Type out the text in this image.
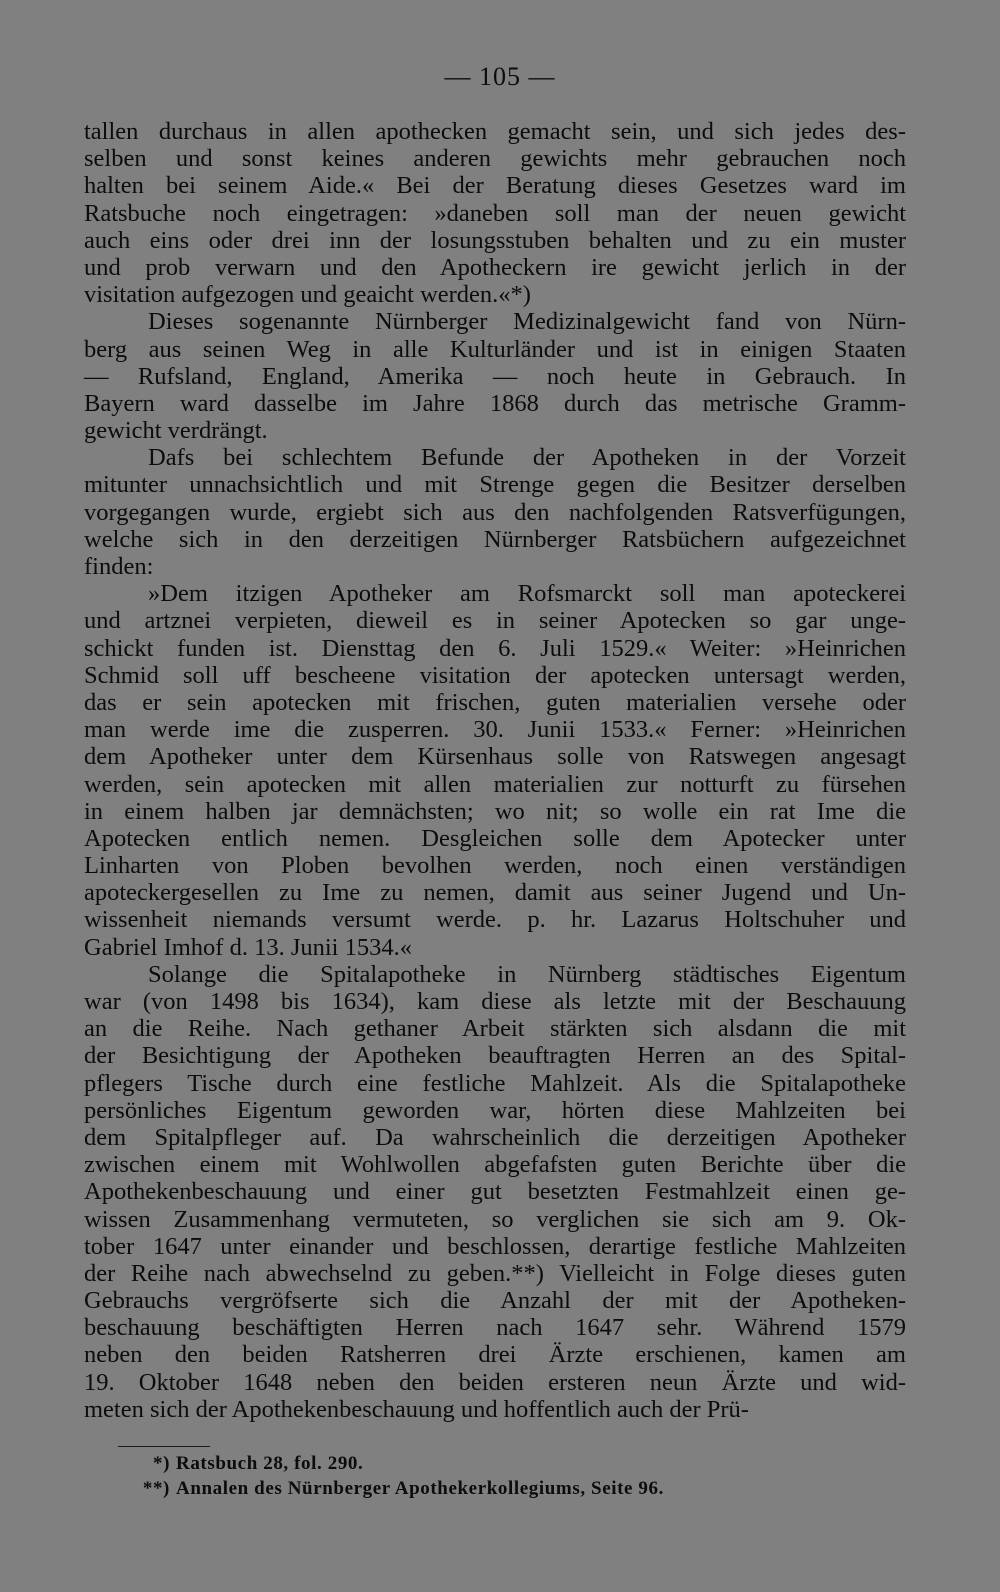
— 105 —
tallen durchaus in allen apothecken gemacht sein, und sich jedes des-
selben und sonst keines anderen gewichts mehr gebrauchen noch
halten bei seinem Aide.« Bei der Beratung dieses Gesetzes ward im
Ratsbuche noch eingetragen: »daneben soll man der neuen gewicht
auch eins oder drei inn der losungsstuben behalten und zu ein muster
und prob verwarn und den Apotheckern ire gewicht jerlich in der
visitation aufgezogen und geaicht werden.«*)
Dieses sogenannte Nürnberger Medizinalgewicht fand von Nürn-
berg aus seinen Weg in alle Kulturländer und ist in einigen Staaten
— Rufsland, England, Amerika — noch heute in Gebrauch. In
Bayern ward dasselbe im Jahre 1868 durch das metrische Gramm-
gewicht verdrängt.
Dafs bei schlechtem Befunde der Apotheken in der Vorzeit
mitunter unnachsichtlich und mit Strenge gegen die Besitzer derselben
vorgegangen wurde, ergiebt sich aus den nachfolgenden Ratsverfügungen,
welche sich in den derzeitigen Nürnberger Ratsbüchern aufgezeichnet
finden:
»Dem itzigen Apotheker am Rofsmarckt soll man apoteckerei
und artznei verpieten, dieweil es in seiner Apotecken so gar unge-
schickt funden ist. Diensttag den 6. Juli 1529.« Weiter: »Heinrichen
Schmid soll uff bescheene visitation der apotecken untersagt werden,
das er sein apotecken mit frischen, guten materialien versehe oder
man werde ime die zusperren. 30. Junii 1533.« Ferner: »Heinrichen
dem Apotheker unter dem Kürsenhaus solle von Ratswegen angesagt
werden, sein apotecken mit allen materialien zur notturft zu fürsehen
in einem halben jar demnächsten; wo nit; so wolle ein rat Ime die
Apotecken entlich nemen. Desgleichen solle dem Apotecker unter
Linharten von Ploben bevolhen werden, noch einen verständigen
apoteckergesellen zu Ime zu nemen, damit aus seiner Jugend und Un-
wissenheit niemands versumt werde. p. hr. Lazarus Holtschuher und
Gabriel Imhof d. 13. Junii 1534.«
Solange die Spitalapotheke in Nürnberg städtisches Eigentum
war (von 1498 bis 1634), kam diese als letzte mit der Beschauung
an die Reihe. Nach gethaner Arbeit stärkten sich alsdann die mit
der Besichtigung der Apotheken beauftragten Herren an des Spital-
pflegers Tische durch eine festliche Mahlzeit. Als die Spitalapotheke
persönliches Eigentum geworden war, hörten diese Mahlzeiten bei
dem Spitalpfleger auf. Da wahrscheinlich die derzeitigen Apotheker
zwischen einem mit Wohlwollen abgefafsten guten Berichte über die
Apothekenbeschauung und einer gut besetzten Festmahlzeit einen ge-
wissen Zusammenhang vermuteten, so verglichen sie sich am 9. Ok-
tober 1647 unter einander und beschlossen, derartige festliche Mahlzeiten
der Reihe nach abwechselnd zu geben.**) Vielleicht in Folge dieses guten
Gebrauchs vergröfserte sich die Anzahl der mit der Apotheken-
beschauung beschäftigten Herren nach 1647 sehr. Während 1579
neben den beiden Ratsherren drei Ärzte erschienen, kamen am
19. Oktober 1648 neben den beiden ersteren neun Ärzte und wid-
meten sich der Apothekenbeschauung und hoffentlich auch der Prü-
*) Ratsbuch 28, fol. 290.
**) Annalen des Nürnberger Apothekerkollegiums, Seite 96.
